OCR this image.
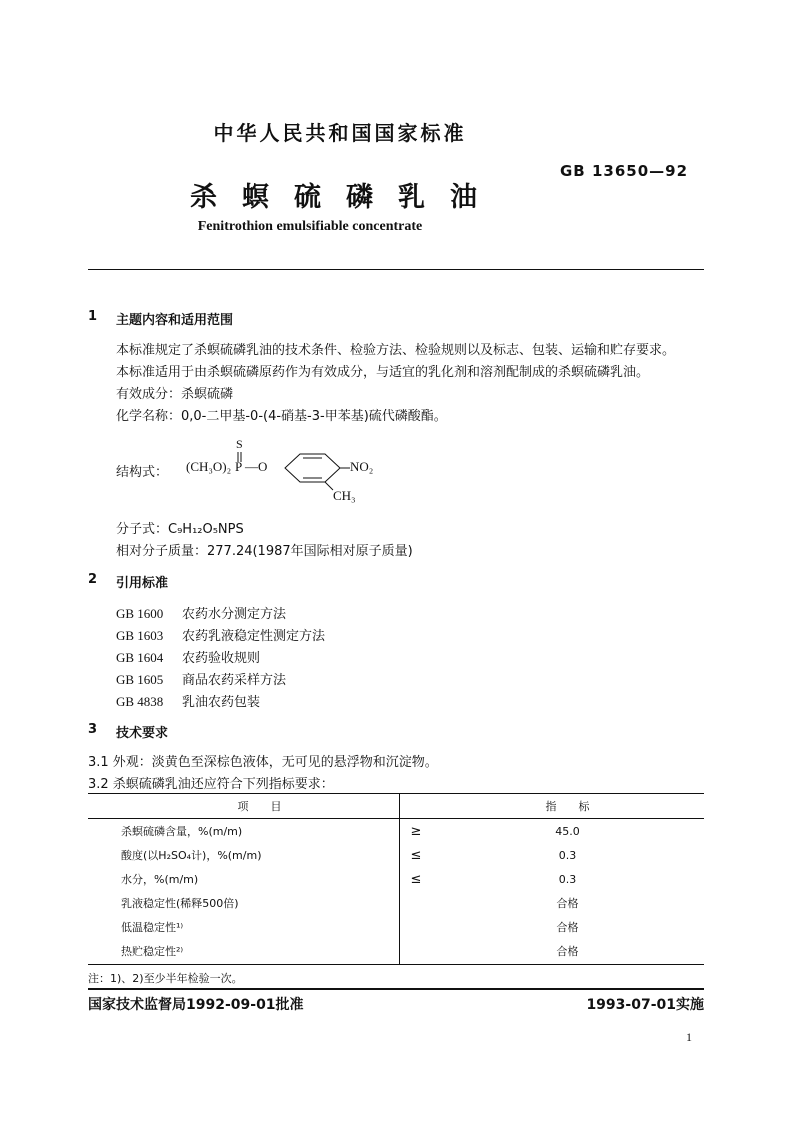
中华人民共和国国家标准
GB 13650—92
杀螟硫磷乳油
Fenitrothion emulsifiable concentrate
1 主题内容和适用范围
本标准规定了杀螟硫磷乳油的技术条件、检验方法、检验规则以及标志、包装、运输和贮存要求。
本标准适用于由杀螟硫磷原药作为有效成分，与适宜的乳化剂和溶剂配制成的杀螟硫磷乳油。
有效成分：杀螟硫磷
化学名称：0,0-二甲基-0-(4-硝基-3-甲苯基)硫代磷酸酯。
结构式： (CH₃O)₂
S
P —O	NO₂
CH₃
分子式：C₉H₁₂O₅NPS
相对分子质量：277.24(1987年国际相对原子质量)
2 引用标准
GB 1600 农药水分测定方法
GB 1603 农药乳液稳定性测定方法
GB 1604 农药验收规则
GB 1605 商品农药采样方法
GB 4838 乳油农药包装
3 技术要求
3.1 外观：淡黄色至深棕色液体，无可见的悬浮物和沉淀物。
3.2 杀螟硫磷乳油还应符合下列指标要求：
项　　目		指　　标
杀螟硫磷含量，%(m/m)	≥	45.0
酸度(以H₂SO₄计)，%(m/m)	≤	0.3
水分，%(m/m)	≤	0.3
乳液稳定性(稀释500倍)		合格
低温稳定性¹⁾		合格
热贮稳定性²⁾		合格
注：1)、2)至少半年检验一次。
国家技术监督局1992-09-01批准	1993-07-01实施
1
